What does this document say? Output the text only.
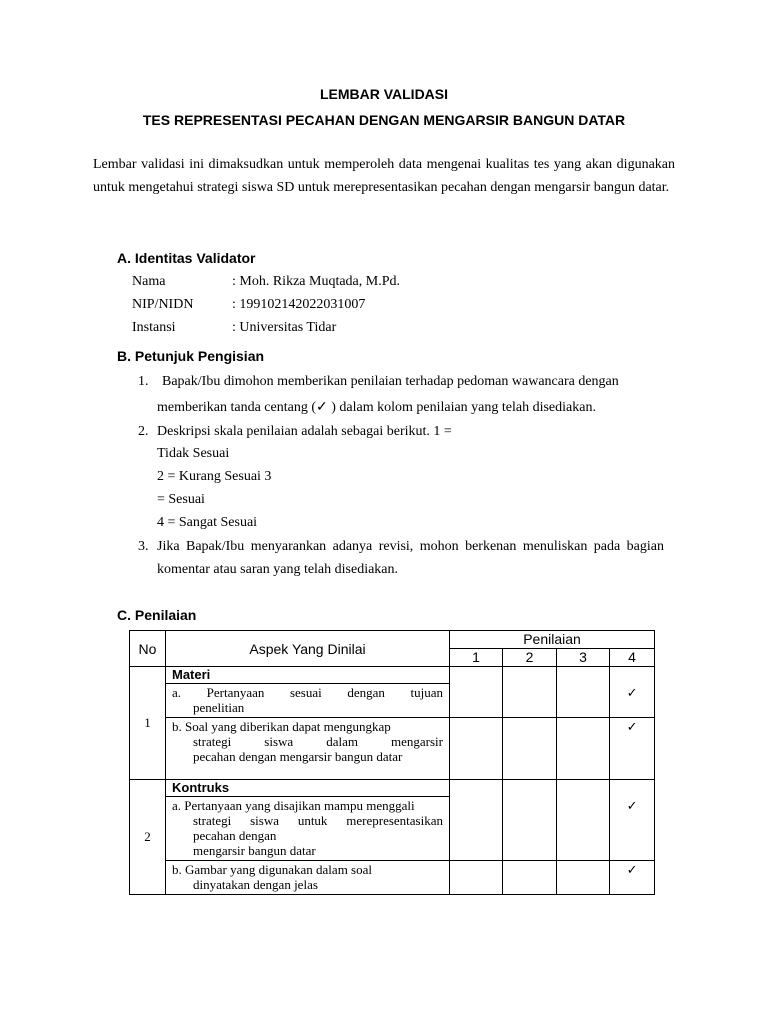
LEMBAR VALIDASI

TES REPRESENTASI PECAHAN DENGAN MENGARSIR BANGUN DATAR

Lembar validasi ini dimaksudkan untuk memperoleh data mengenai kualitas tes yang akan digunakan untuk mengetahui strategi siswa SD untuk merepresentasikan pecahan dengan mengarsir bangun datar.

A. Identitas Validator

Nama	: Moh. Rikza Muqtada, M.Pd.
NIP/NIDN	: 199102142022031007
Instansi	: Universitas Tidar

B. Petunjuk Pengisian

1. Bapak/Ibu dimohon memberikan penilaian terhadap pedoman wawancara dengan
memberikan tanda centang (✓ ) dalam kolom penilaian yang telah disediakan.
2. Deskripsi skala penilaian adalah sebagai berikut. 1 =
Tidak Sesuai
2 = Kurang Sesuai 3
= Sesuai
4 = Sangat Sesuai
3. Jika Bapak/Ibu menyarankan adanya revisi, mohon berkenan menuliskan pada bagian
komentar atau saran yang telah disediakan.

C. Penilaian

No	Aspek Yang Dinilai	Penilaian			
		1	2	3	4
1	Materi				

	a. Pertanyaan sesuai dengan tujuan
penelitian				✓

	b. Soal yang diberikan dapat mengungkap
strategi siswa dalam mengarsir
pecahan dengan mengarsir bangun datar				✓
2	Kontruks				

	a. Pertanyaan yang disajikan mampu menggali
strategi siswa untuk merepresentasikan
pecahan dengan
mengarsir bangun datar				✓

	b. Gambar yang digunakan dalam soal
dinyatakan dengan jelas				✓
